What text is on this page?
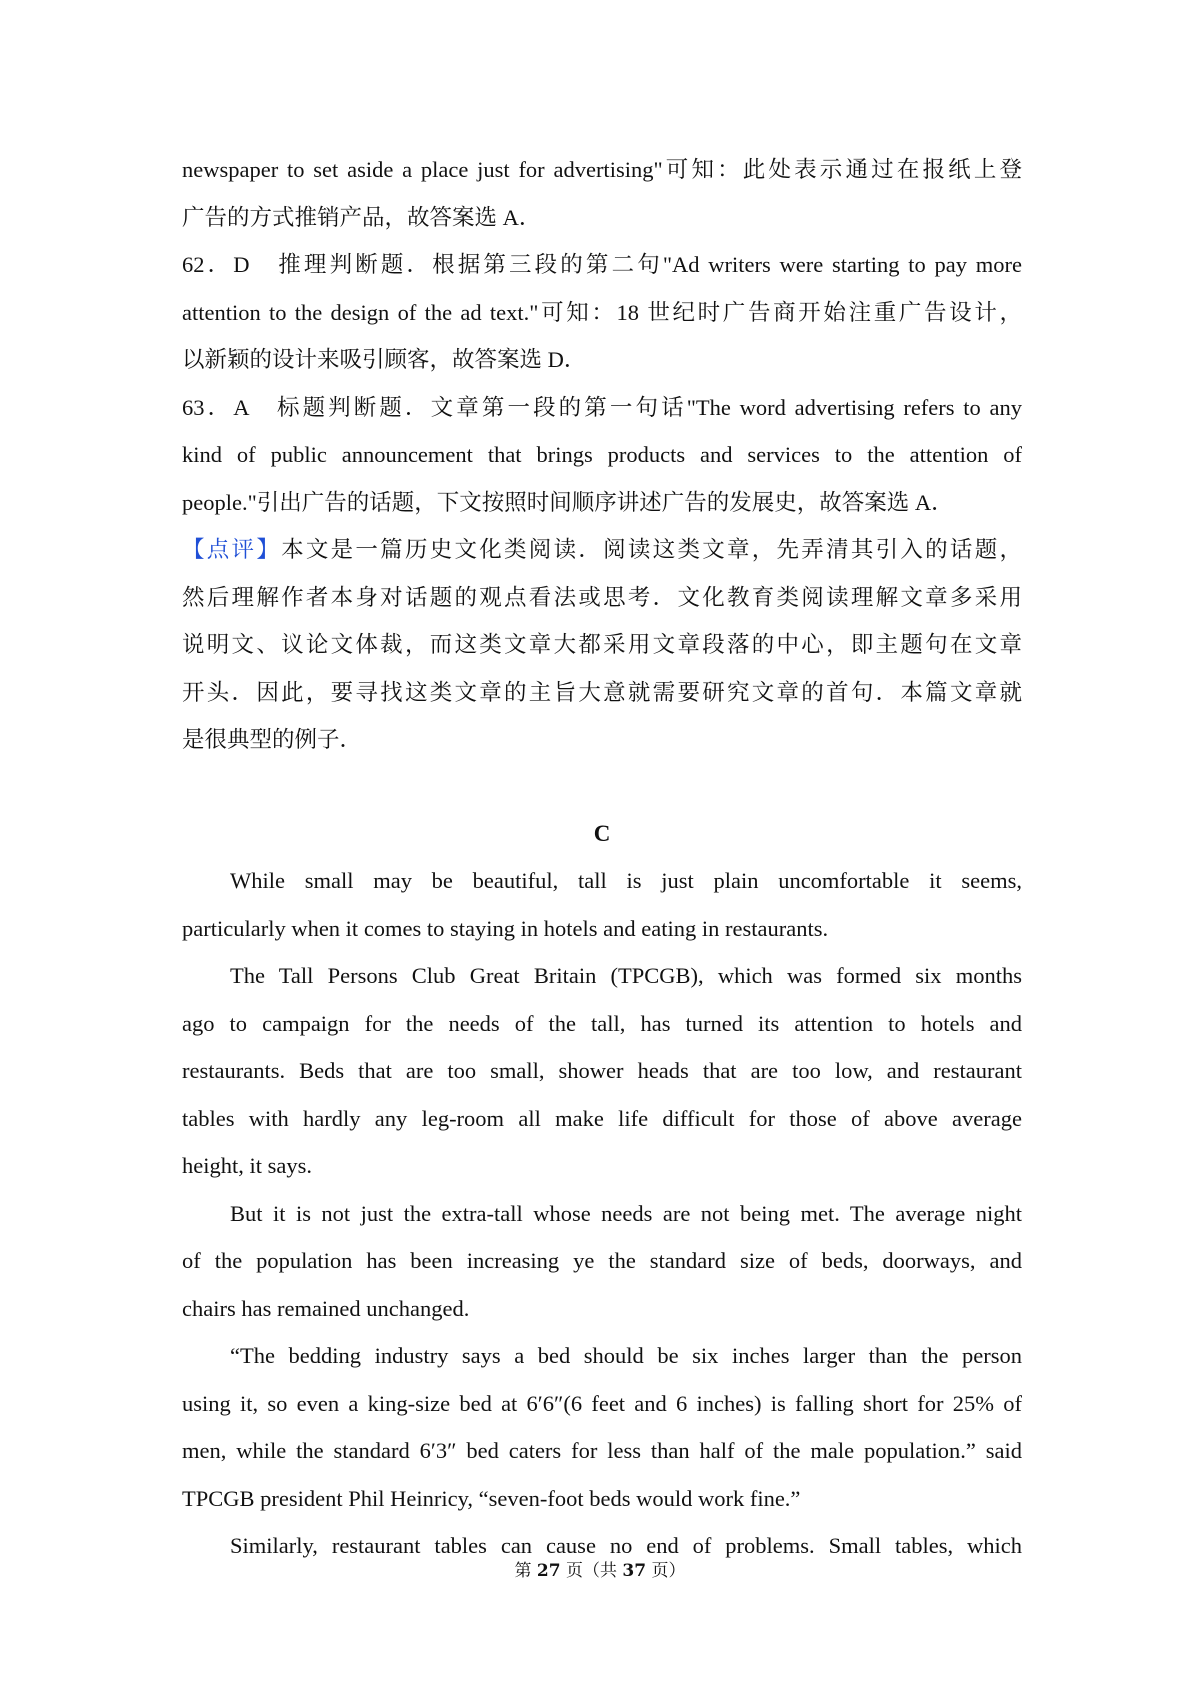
newspaper to set aside a place just for advertising"可知：此处表示通过在报纸上登
广告的方式推销产品，故答案选 A．
62．D　推理判断题．根据第三段的第二句"Ad writers were starting to pay more
attention to the design of the ad text."可知：18 世纪时广告商开始注重广告设计，
以新颖的设计来吸引顾客，故答案选 D．
63．A　标题判断题．文章第一段的第一句话"The word advertising refers to any
kind of public announcement that brings products and services to the attention of
people."引出广告的话题，下文按照时间顺序讲述广告的发展史，故答案选 A．
【点评】本文是一篇历史文化类阅读．阅读这类文章，先弄清其引入的话题，
然后理解作者本身对话题的观点看法或思考．文化教育类阅读理解文章多采用
说明文、议论文体裁，而这类文章大都采用文章段落的中心，即主题句在文章
开头．因此，要寻找这类文章的主旨大意就需要研究文章的首句．本篇文章就
是很典型的例子．
C
While small may be beautiful, tall is just plain uncomfortable it seems,
particularly when it comes to staying in hotels and eating in restaurants.
The Tall Persons Club Great Britain (TPCGB), which was formed six months
ago to campaign for the needs of the tall, has turned its attention to hotels and
restaurants. Beds that are too small, shower heads that are too low, and restaurant
tables with hardly any leg-room all make life difficult for those of above average
height, it says.
But it is not just the extra-tall whose needs are not being met. The average night
of the population has been increasing ye the standard size of beds, doorways, and
chairs has remained unchanged.
“The bedding industry says a bed should be six inches larger than the person
using it, so even a king-size bed at 6′6″(6 feet and 6 inches) is falling short for 25% of
men, while the standard 6′3″ bed caters for less than half of the male population.” said
TPCGB president Phil Heinricy, “seven-foot beds would work fine.”
Similarly, restaurant tables can cause no end of problems. Small tables, which
第 27 页（共 37 页）
